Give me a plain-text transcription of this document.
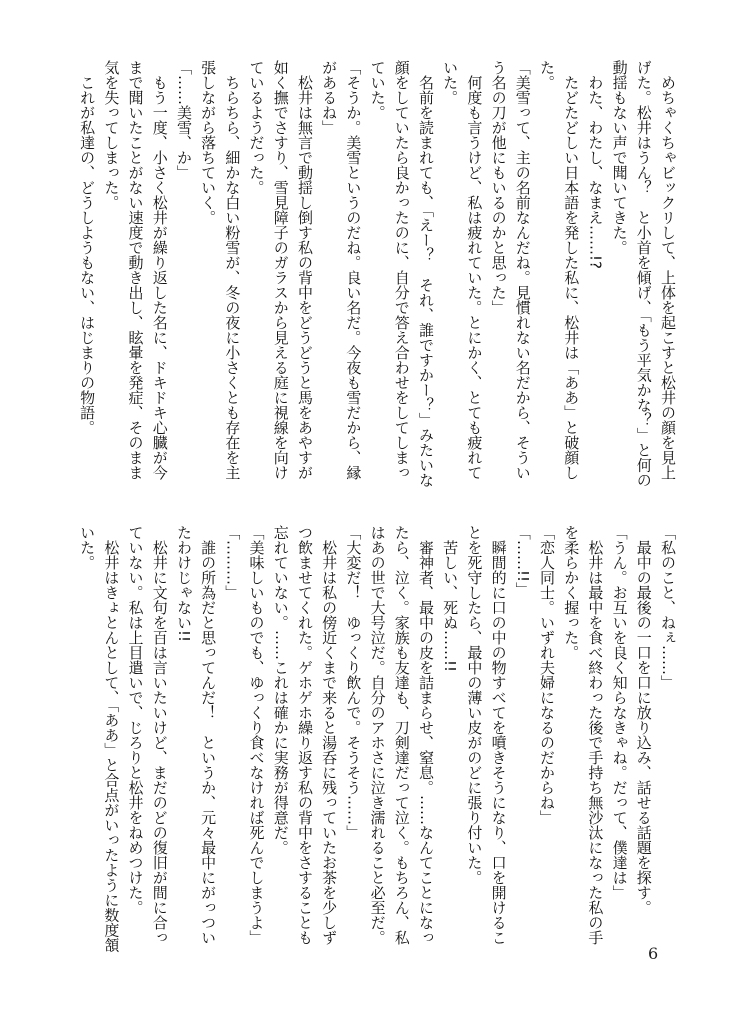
　めちゃくちゃビックリして、上体を起こすと松井の顔を見上
げた。松井はうん？　と小首を傾げ、「もう平気かな？」と何の
動揺もない声で聞いてきた。
　わた、わたし、なまえ……!?
　たどたどしい日本語を発した私に、松井は「ああ」と破顔し
た。
「美雪って、主の名前なんだね。見慣れない名だから、そうい
う名の刀が他にもいるのかと思った」
　何度も言うけど、私は疲れていた。とにかく、とても疲れて
いた。
　名前を読まれても、「えー？　それ、誰ですかー？」みたいな
顔をしていたら良かったのに、自分で答え合わせをしてしまっ
ていた。
「そうか。美雪というのだね。良い名だ。今夜も雪だから、縁
があるね」
　松井は無言で動揺し倒す私の背中をどうどうと馬をあやすが
如く撫でさすり、雪見障子のガラスから見える庭に視線を向け
ているようだった。
　ちらちら、細かな白い粉雪が、冬の夜に小さくとも存在を主
張しながら落ちていく。
「……美雪、か」
　もう一度、小さく松井が繰り返した名に、ドキドキ心臓が今
まで聞いたことがない速度で動き出し、眩暈を発症、そのまま
気を失ってしまった。
　これが私達の、どうしようもない、はじまりの物語。
「私のこと、ねぇ……」
　最中の最後の一口を口に放り込み、話せる話題を探す。
「うん。お互いを良く知らなきゃね。だって、僕達は」
　松井は最中を食べ終わった後で手持ち無沙汰になった私の手
を柔らかく握った。
「恋人同士。いずれ夫婦になるのだからね」
「……!!」
　瞬間的に口の中の物すべてを噴きそうになり、口を開けるこ
とを死守したら、最中の薄い皮がのどに張り付いた。
　苦しい、死ぬ……!!
　審神者、最中の皮を詰まらせ、窒息。……なんてことになっ
たら、泣く。家族も友達も、刀剣達だって泣く。もちろん、私
はあの世で大号泣だ。自分のアホさに泣き濡れること必至だ。
「大変だ！　ゆっくり飲んで。そうそう……」
　松井は私の傍近くまで来ると湯呑に残っていたお茶を少しず
つ飲ませてくれた。ゲホゲホ繰り返す私の背中をさすることも
忘れていない。……これは確かに実務が得意だ。
「美味しいものでも、ゆっくり食べなければ死んでしまうよ」
「………」
　誰の所為だと思ってんだ！　というか、元々最中にがっつい
たわけじゃない!!
　松井に文句を百は言いたいけど、まだのどの復旧が間に合っ
ていない。私は上目遣いで、じろりと松井をねめつけた。
　松井はきょとんとして、「ああ」と合点がいったように数度頷
いた。
6
